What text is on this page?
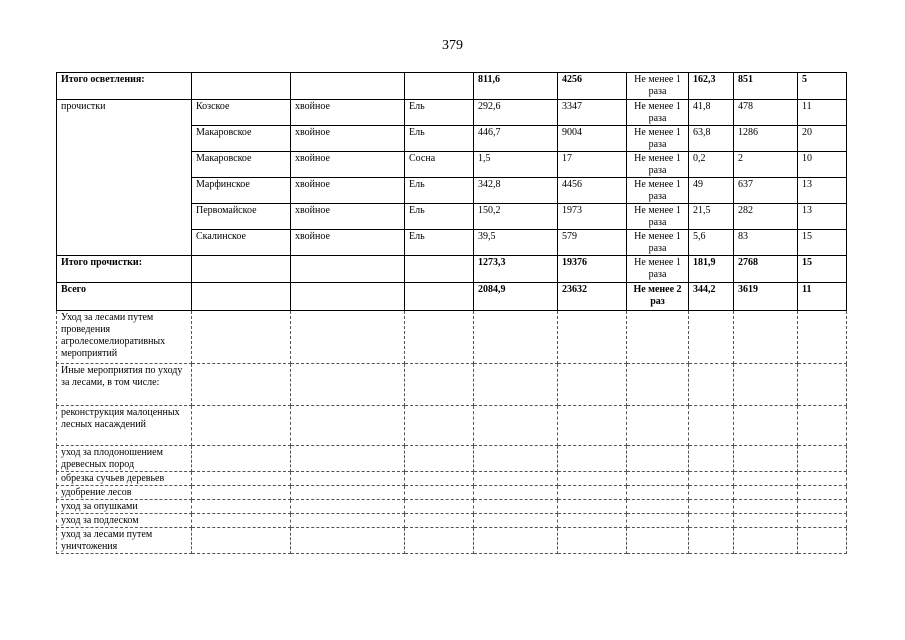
379
Итого осветления:				811,6	4256	Не менее 1 раза	162,3	851	5
прочистки	Козское	хвойное	Ель	292,6	3347	Не менее 1 раза	41,8	478	11
	Макаровское	хвойное	Ель	446,7	9004	Не менее 1 раза	63,8	1286	20
	Макаровское	хвойное	Сосна	1,5	17	Не менее 1 раза	0,2	2	10
	Марфинское	хвойное	Ель	342,8	4456	Не менее 1 раза	49	637	13
	Первомайское	хвойное	Ель	150,2	1973	Не менее 1 раза	21,5	282	13
	Скалинское	хвойное	Ель	39,5	579	Не менее 1 раза	5,6	83	15
Итого прочистки:				1273,3	19376	Не менее 1 раза	181,9	2768	15
Всего				2084,9	23632	Не менее 2 раз	344,2	3619	11
Уход за лесами путем проведения агролесомелиоративных мероприятий									
Иные мероприятия по уходу за лесами, в том числе:									
реконструкция малоценных лесных насаждений									
уход за плодоношением древесных пород									
обрезка сучьев деревьев									
удобрение лесов									
уход за опушками									
уход за подлеском									
уход за лесами путем уничтожения									
